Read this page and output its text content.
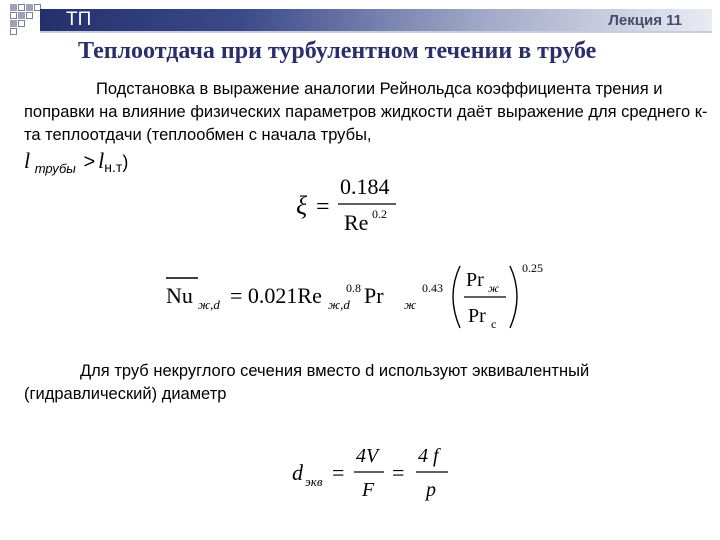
ТП	Лекция 11
Теплоотдача при турбулентном течении в трубе
Подстановка в выражение аналогии Рейнольдса коэффициента трения и поправки на влияние физических параметров жидкости даёт выражение для среднего к-та теплоотдачи (теплообмен с начала трубы,
l $_{трубы} > l_{н.т}$)
ξ =
0.184
Re 0.2
Nu ж,d = 0.021Re ж,d
0.8 Pr ж
0.43 Pr ж
Pr c
0.25
Для труб некруглого сечения вместо d используют эквивалентный (гидравлический) диаметр
d экв =
4V
F
=
4 f
p
